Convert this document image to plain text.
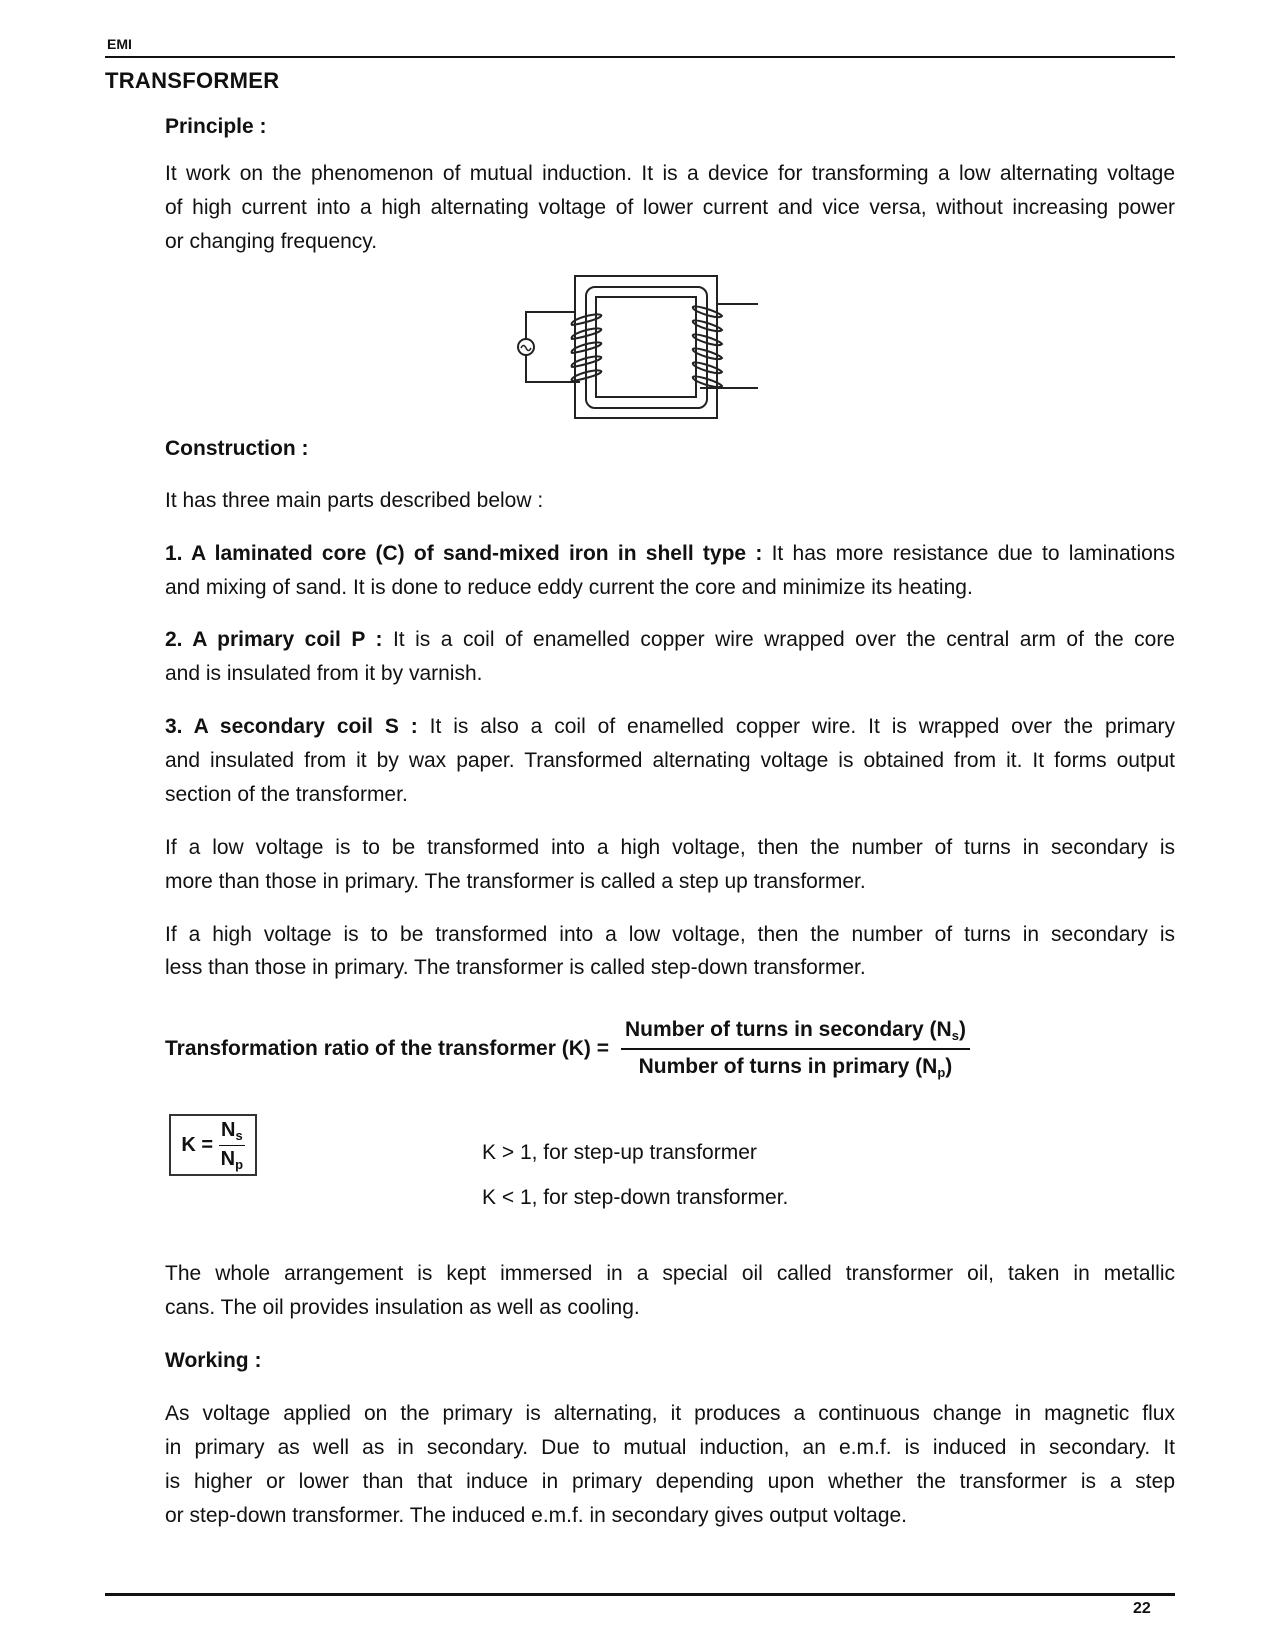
EMI
TRANSFORMER
Principle :
It work on the phenomenon of mutual induction. It is a device for transforming a low alternating voltage
of high current into a high alternating voltage of lower current and vice versa, without increasing power
or changing frequency.
Construction :
It has three main parts described below :
1. A laminated core (C) of sand-mixed iron in shell type : It has more resistance due to laminations
and mixing of sand. It is done to reduce eddy current the core and minimize its heating.
2. A primary coil P : It is a coil of enamelled copper wire wrapped over the central arm of the core
and is insulated from it by varnish.
3. A secondary coil S : It is also a coil of enamelled copper wire. It is wrapped over the primary
and insulated from it by wax paper. Transformed alternating voltage is obtained from it. It forms output
section of the transformer.
If a low voltage is to be transformed into a high voltage, then the number of turns in secondary is
more than those in primary. The transformer is called a step up transformer.
If a high voltage is to be transformed into a low voltage, then the number of turns in secondary is
less than those in primary. The transformer is called step-down transformer.
Transformation ratio of the transformer $(K) = \frac{Number of turns in secondary (N_s)}{Number of turns in primary (N_p)}$
$K = \frac{N_s}{N_p}$	K > 1, for step-up transformer
K < 1, for step-down transformer.
The whole arrangement is kept immersed in a special oil called transformer oil, taken in metallic
cans. The oil provides insulation as well as cooling.
Working :
As voltage applied on the primary is alternating, it produces a continuous change in magnetic flux
in primary as well as in secondary. Due to mutual induction, an e.m.f. is induced in secondary. It
is higher or lower than that induce in primary depending upon whether the transformer is a step
or step-down transformer. The induced e.m.f. in secondary gives output voltage.
22
